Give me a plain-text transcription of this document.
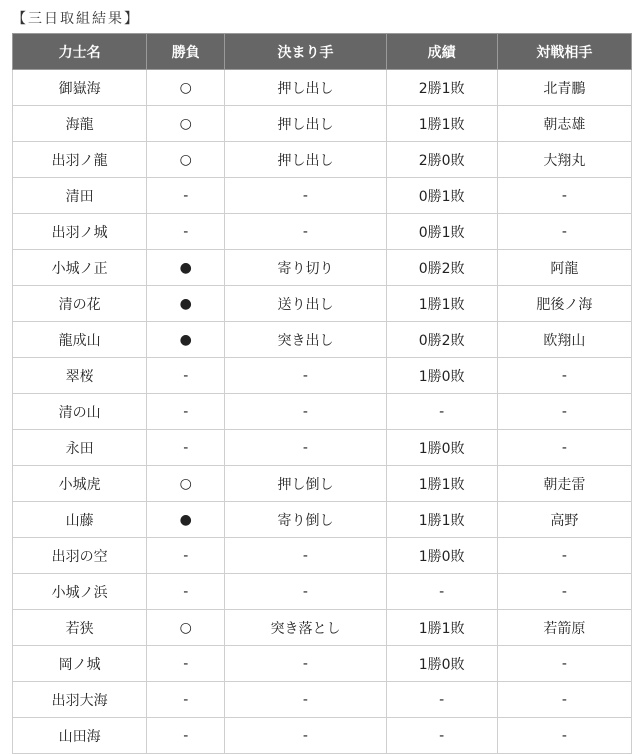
【三日取組結果】
力士名	勝負	決まり手	成績	対戦相手
御嶽海	○	押し出し	2勝1敗	北青鵬
海龍	○	押し出し	1勝1敗	朝志雄
出羽ノ龍	○	押し出し	2勝0敗	大翔丸
清田	-	-	0勝1敗	-
出羽ノ城	-	-	0勝1敗	-
小城ノ正	●	寄り切り	0勝2敗	阿龍
清の花	●	送り出し	1勝1敗	肥後ノ海
龍成山	●	突き出し	0勝2敗	欧翔山
翠桜	-	-	1勝0敗	-
清の山	-	-	-	-
永田	-	-	1勝0敗	-
小城虎	○	押し倒し	1勝1敗	朝走雷
山藤	●	寄り倒し	1勝1敗	高野
出羽の空	-	-	1勝0敗	-
小城ノ浜	-	-	-	-
若狭	○	突き落とし	1勝1敗	若箭原
岡ノ城	-	-	1勝0敗	-
出羽大海	-	-	-	-
山田海	-	-	-	-
